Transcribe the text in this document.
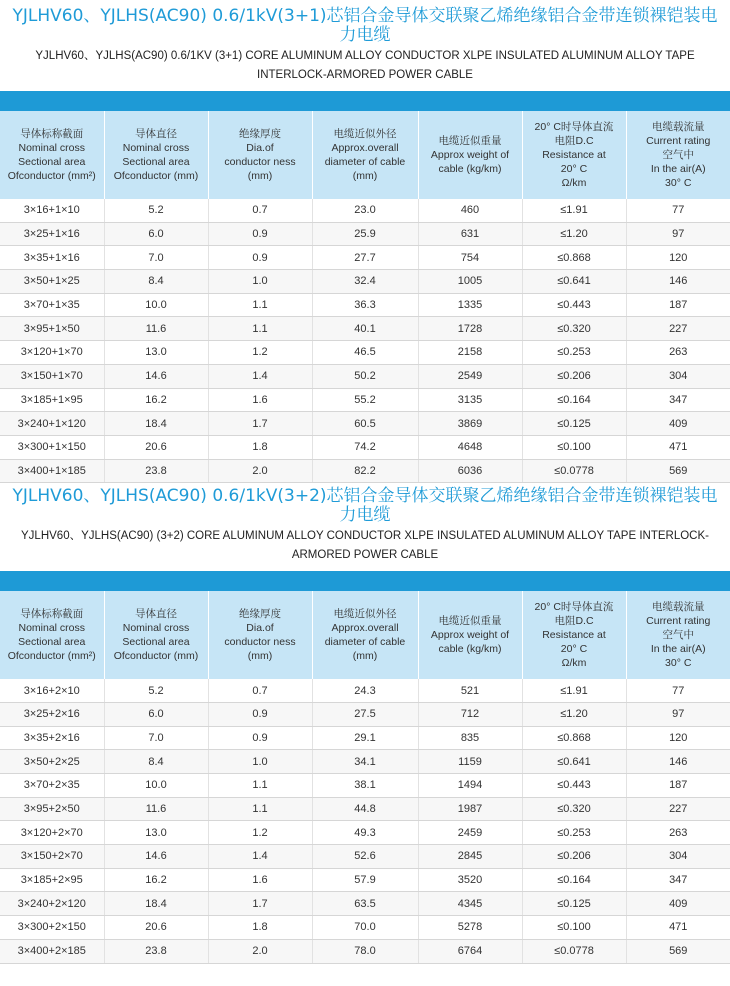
YJLHV60、YJLHS(AC90) 0.6/1kV(3+1)芯铝合金导体交联聚乙烯绝缘铝合金带连锁裸铠装电力电缆
YJLHV60、YJLHS(AC90) 0.6/1KV (3+1) CORE ALUMINUM ALLOY CONDUCTOR XLPE INSULATED ALUMINUM ALLOY TAPE INTERLOCK-ARMORED POWER CABLE
导体标称截面
Nominal cross
Sectional area
Ofconductor (mm²)	导体直径
Nominal cross
Sectional area
Ofconductor (mm)	绝缘厚度
Dia.of
conductor ness
(mm)	电缆近似外径
Approx.overall
diameter of cable
(mm)	电缆近似重量
Approx weight of
cable (kg/km)	20° C时导体直流
电阻D.C
Resistance at
20° C
Ω/km	电缆载流量
Current rating
空气中
In the air(A)
30° C

3×16+1×10	5.2	0.7	23.0	460	≤1.91	77
3×25+1×16	6.0	0.9	25.9	631	≤1.20	97
3×35+1×16	7.0	0.9	27.7	754	≤0.868	120
3×50+1×25	8.4	1.0	32.4	1005	≤0.641	146
3×70+1×35	10.0	1.1	36.3	1335	≤0.443	187
3×95+1×50	11.6	1.1	40.1	1728	≤0.320	227
3×120+1×70	13.0	1.2	46.5	2158	≤0.253	263
3×150+1×70	14.6	1.4	50.2	2549	≤0.206	304
3×185+1×95	16.2	1.6	55.2	3135	≤0.164	347
3×240+1×120	18.4	1.7	60.5	3869	≤0.125	409
3×300+1×150	20.6	1.8	74.2	4648	≤0.100	471
3×400+1×185	23.8	2.0	82.2	6036	≤0.0778	569
YJLHV60、YJLHS(AC90) 0.6/1kV(3+2)芯铝合金导体交联聚乙烯绝缘铝合金带连锁裸铠装电力电缆
YJLHV60、YJLHS(AC90) (3+2) CORE ALUMINUM ALLOY CONDUCTOR XLPE INSULATED ALUMINUM ALLOY TAPE INTERLOCK-ARMORED POWER CABLE
导体标称截面
Nominal cross
Sectional area
Ofconductor (mm²)	导体直径
Nominal cross
Sectional area
Ofconductor (mm)	绝缘厚度
Dia.of
conductor ness
(mm)	电缆近似外径
Approx.overall
diameter of cable
(mm)	电缆近似重量
Approx weight of
cable (kg/km)	20° C时导体直流
电阻D.C
Resistance at
20° C
Ω/km	电缆载流量
Current rating
空气中
In the air(A)
30° C

3×16+2×10	5.2	0.7	24.3	521	≤1.91	77
3×25+2×16	6.0	0.9	27.5	712	≤1.20	97
3×35+2×16	7.0	0.9	29.1	835	≤0.868	120
3×50+2×25	8.4	1.0	34.1	1159	≤0.641	146
3×70+2×35	10.0	1.1	38.1	1494	≤0.443	187
3×95+2×50	11.6	1.1	44.8	1987	≤0.320	227
3×120+2×70	13.0	1.2	49.3	2459	≤0.253	263
3×150+2×70	14.6	1.4	52.6	2845	≤0.206	304
3×185+2×95	16.2	1.6	57.9	3520	≤0.164	347
3×240+2×120	18.4	1.7	63.5	4345	≤0.125	409
3×300+2×150	20.6	1.8	70.0	5278	≤0.100	471
3×400+2×185	23.8	2.0	78.0	6764	≤0.0778	569
